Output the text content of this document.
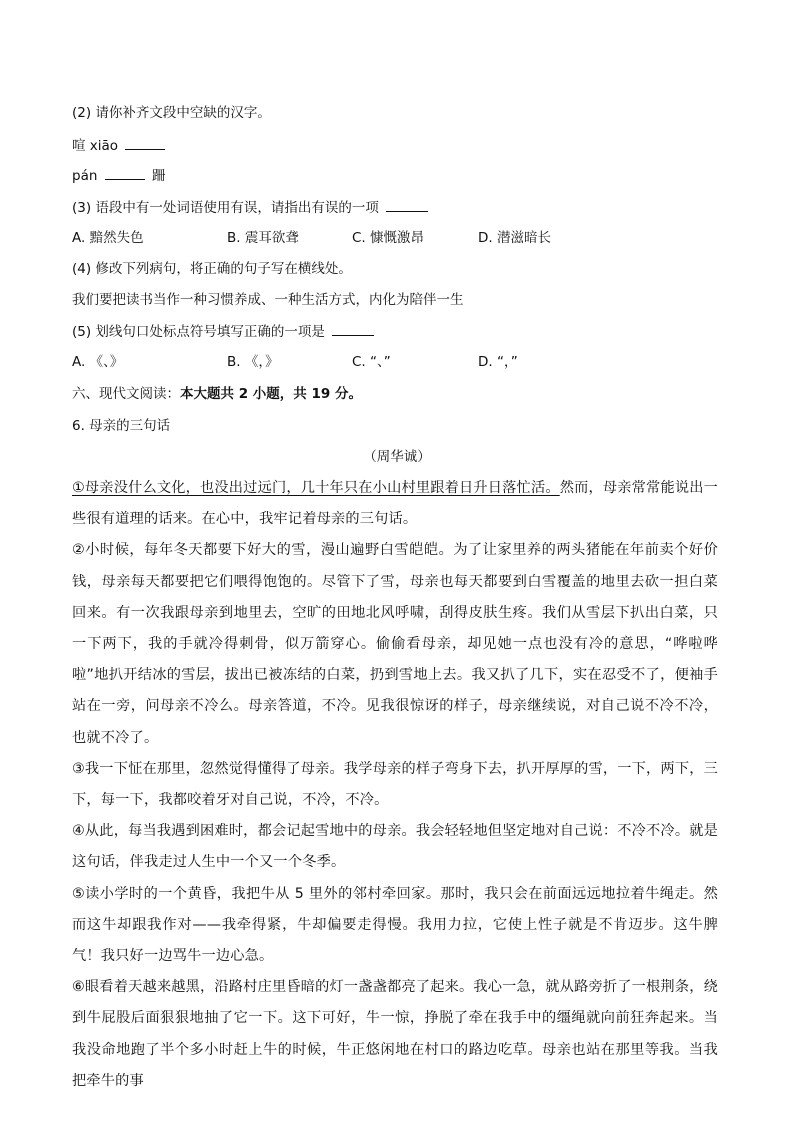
(2) 请你补齐文段中空缺的汉字。
喧 xiāo
pán	跚
(3) 语段中有一处词语使用有误，请指出有误的一项
A. 黯然失色	B. 震耳欲聋	C. 慷慨激昂	D. 潜滋暗长
(4) 修改下列病句，将正确的句子写在横线处。
我们要把读书当作一种习惯养成、一种生活方式，内化为陪伴一生
(5) 划线句口处标点符号填写正确的一项是
A. 《、》	B. 《，》	C. “、”	D. “，”
六、现代文阅读：本大题共 2 小题，共 19 分。
6. 母亲的三句话
（周华诚）
①母亲没什么文化，也没出过远门，几十年只在小山村里跟着日升日落忙活。然而，母亲常常能说出一些很有道理的话来。在心中，我牢记着母亲的三句话。
②小时候，每年冬天都要下好大的雪，漫山遍野白雪皑皑。为了让家里养的两头猪能在年前卖个好价钱，母亲每天都要把它们喂得饱饱的。尽管下了雪，母亲也每天都要到白雪覆盖的地里去砍一担白菜回来。有一次我跟母亲到地里去，空旷的田地北风呼啸，刮得皮肤生疼。我们从雪层下扒出白菜，只一下两下，我的手就冷得刺骨，似万箭穿心。偷偷看母亲，却见她一点也没有冷的意思，“哗啦哗啦”地扒开结冰的雪层，拔出已被冻结的白菜，扔到雪地上去。我又扒了几下，实在忍受不了，便袖手站在一旁，问母亲不冷么。母亲答道，不冷。见我很惊讶的样子，母亲继续说，对自己说不冷不冷，也就不冷了。
③我一下怔在那里，忽然觉得懂得了母亲。我学母亲的样子弯身下去，扒开厚厚的雪，一下，两下，三下，每一下，我都咬着牙对自己说，不冷，不冷。
④从此，每当我遇到困难时，都会记起雪地中的母亲。我会轻轻地但坚定地对自己说：不冷不冷。就是这句话，伴我走过人生中一个又一个冬季。
⑤读小学时的一个黄昏，我把牛从 5 里外的邻村牵回家。那时，我只会在前面远远地拉着牛绳走。然而这牛却跟我作对——我牵得紧，牛却偏要走得慢。我用力拉，它使上性子就是不肯迈步。这牛脾气！我只好一边骂牛一边心急。
⑥眼看着天越来越黑，沿路村庄里昏暗的灯一盏盏都亮了起来。我心一急，就从路旁折了一根荆条，绕到牛屁股后面狠狠地抽了它一下。这下可好，牛一惊，挣脱了牵在我手中的缰绳就向前狂奔起来。当我没命地跑了半个多小时赶上牛的时候，牛正悠闲地在村口的路边吃草。母亲也站在那里等我。当我把牵牛的事
